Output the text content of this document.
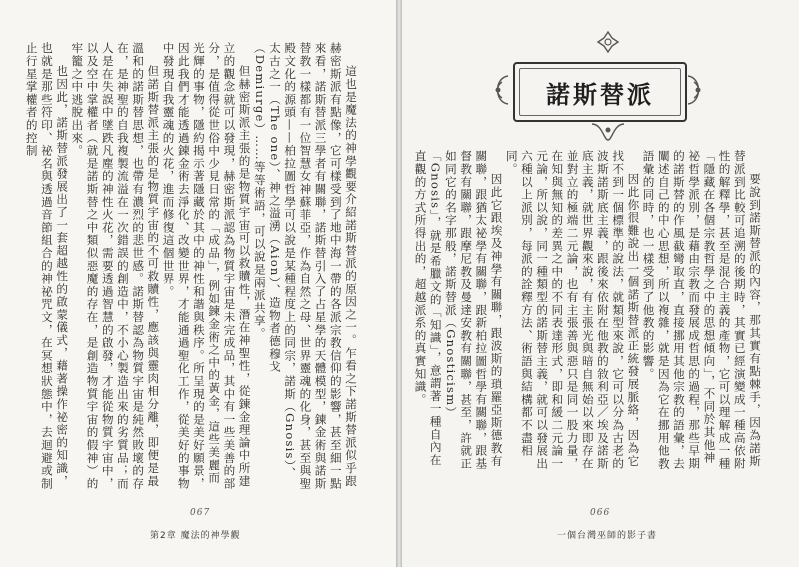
這也是魔法的神學觀要介紹諾斯替派的原因之一。乍看之下諾斯替派似乎跟赫密斯派有點像，它可樣受到了地中海一帶的各派宗教信仰的影響，甚至細一點來看，諾斯替派三學者有關聯，諾斯替引入了占星學的天體模型，鍊金術與諾斯替教一樣都有一位智慧女神蘇菲亞，作為自然之母、世界靈魂的化身，甚至與聖殿文化的源頭——柏拉圖哲學可以說是某種程度上的同宗，諾斯（Gnosis）、太古之一（The one）、神之溢湧（Aion）、造物者德穆戈（Demiurge）……等等術語，可以說是兩派共享。

但赫密斯派主張的是物質宇宙可以救贖性，潛在神聖性，從鍊金理論中所建立的觀念就可以發現，赫密斯派認為物質宇宙是未完成品，其中有一些美善的部分，是值得從世俗中少見日常的「成品」，例如鍊金術之中的黃金，這些美麗而光輝的事物，隱約揭示著隱藏於其中的神性和諧與秩序。所呈現的是美好願景，因此我們才能透過鍊金術去淨化、改變世界，才能通過聖化工作，從美好的事物中發現自我靈魂的火花，進而修復這個世界。

但諾斯替派主張的是物質宇宙的不可救贖性，應該與靈肉相分離，即便是最溫和的諾斯替思想，也帶有濃烈的悲世感。諾斯替認為物質宇宙是純然敗壞的存在，是神聖的自我複製流溢在一次錯誤的創造中，不小心製造出來的劣質品；而人是在失誤中墜跌凡塵的神性火花，需要透過智慧的啟發，才能從物質宇宙中，以及空中掌權者（就是諾斯替之中類似惡魔的存在，是創造物質宇宙的假神）的牢籠之中逃脫出來。

也因此，諾斯替派發展出了一套超越性的啟蒙儀式，藉著操作祕密的知識，也就是那些符印、祕名與透過音節組合的神祕咒文，在冥想狀態中，去迴避或制止行星掌權者的控制

067
第2章 魔法的神學觀
066
一個台灣巫師的影子書
諾斯替派

要說到諾斯替派的內容，那其實有點棘手，因為諾斯替派到比較可追溯的後期時，其實已經演變成一種高依附性的解釋學，甚至是混合主義的產物，它可以理解成一種「隱藏在各個宗教哲學之中的思想傾向」，不同於其他神祕哲學派別，是藉由宗教而發展成哲思的過程，那些早期的諾斯替的作風截彎取直，直接挪用其他宗教的語彙，去闡述自己的中心思想，所以複雜，就是因為它在挪用他教語彙的同時，也一樣受到了他教的影響。

因此你很難說出一個諾斯替派正統發展脈絡，因為它找不到一個標準的說法，就類型來說，它可以分為古老的波斯諾斯底主義，跟後來依附在他教的敘利亞／埃及諾斯底主義，就世界觀來說，有主張光與暗自無始以來即存在並對立的極端二元論，也有主張善與惡只是同一股力量，在知與無知的差異之中的不同表達形式，即和緩二元論一元論，所以說，同一種類型的諾斯替主義，就可以發展出六種以上派別，每派的詮釋方法、術語與結構都不盡相同。

因此它跟埃及神學有關聯，跟波斯的瑣羅亞斯德教有關聯，跟猶太祕學有關聯，跟新柏拉圖哲學有關聯，跟基督教有關聯，跟摩尼教及曼達安教有關聯，甚至，許就正如同它的名字那般，諾斯替派（Gnosticism）「Gnosis」，就是希臘文的「知識」，意謂著一種自內在直觀的方式所得出的，超越派系的真實知識。
